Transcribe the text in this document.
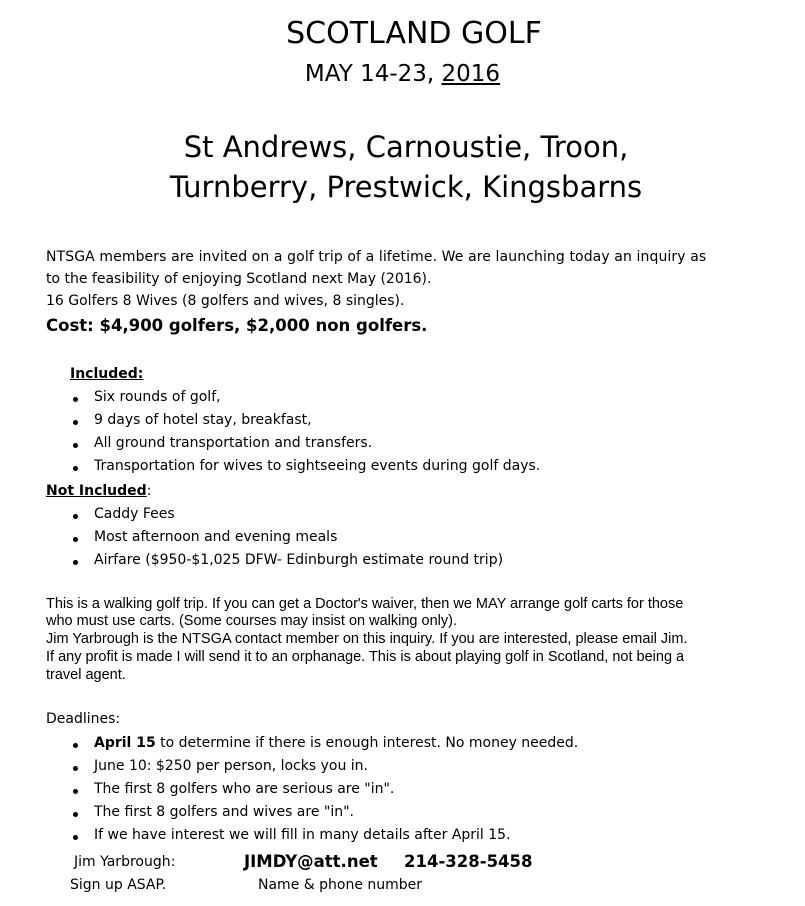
SCOTLAND GOLF
MAY 14-23, 2016
St Andrews, Carnoustie, Troon,
Turnberry, Prestwick, Kingsbarns
NTSGA members are invited on a golf trip of a lifetime. We are launching today an inquiry as
to the feasibility of enjoying Scotland next May (2016).
16 Golfers 8 Wives (8 golfers and wives, 8 singles).
Cost: $4,900 golfers, $2,000 non golfers.
Included:
Six rounds of golf,
9 days of hotel stay, breakfast,
All ground transportation and transfers.
Transportation for wives to sightseeing events during golf days.
Not Included:
Caddy Fees
Most afternoon and evening meals
Airfare ($950-$1,025 DFW- Edinburgh estimate round trip)
This is a walking golf trip. If you can get a Doctor's waiver, then we MAY arrange golf carts for those
who must use carts. (Some courses may insist on walking only).
Jim Yarbrough is the NTSGA contact member on this inquiry. If you are interested, please email Jim.
If any profit is made I will send it to an orphanage. This is about playing golf in Scotland, not being a
travel agent.
Deadlines:
April 15 to determine if there is enough interest. No money needed.
June 10: $250 per person, locks you in.
The first 8 golfers who are serious are "in".
The first 8 golfers and wives are "in".
If we have interest we will fill in many details after April 15.
Jim Yarbrough:	JIMDY@att.net 214-328-5458
Sign up ASAP.	Name & phone number
